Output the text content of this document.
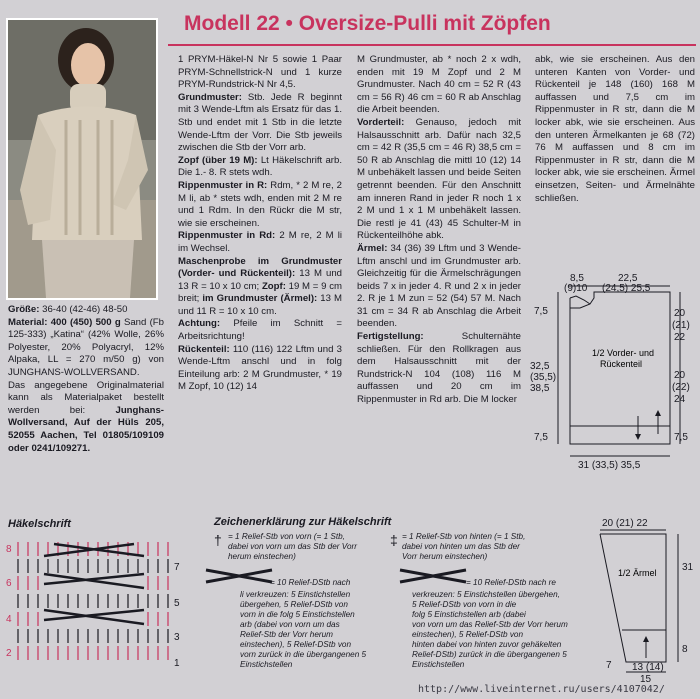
Modell 22 • Oversize-Pulli mit Zöpfen

Größe: 36-40 (42-46) 48-50

Material: 400 (450) 500 g Sand (Fb 125-333) „Katina“ (42% Wolle, 26% Polyester, 20% Polyacryl, 12% Alpaka, LL = 270 m/50 g) von JUNGHANS-WOLLVERSAND.

Das angegebene Originalmaterial kann als Materialpaket bestellt werden bei: Junghans-Wollversand, Auf der Hüls 205, 52055 Aachen, Tel 01805/109109 oder 0241/109271.

1 PRYM-Häkel-N Nr 5 sowie 1 Paar PRYM-Schnellstrick-N und 1 kurze PRYM-Rundstrick-N Nr 4,5.

Grundmuster: Stb. Jede R beginnt mit 3 Wende-Lftm als Ersatz für das 1. Stb und endet mit 1 Stb in die letzte Wende-Lftm der Vorr. Die Stb jeweils zwischen die Stb der Vorr arb.

Zopf (über 19 M): Lt Häkelschrift arb. Die 1.- 8. R stets wdh.

Rippenmuster in R: Rdm, * 2 M re, 2 M li, ab * stets wdh, enden mit 2 M re und 1 Rdm. In den Rückr die M str, wie sie erscheinen.

Rippenmuster in Rd: 2 M re, 2 M li im Wechsel.

Maschenprobe im Grundmuster (Vorder- und Rückenteil): 13 M und 13 R = 10 x 10 cm; Zopf: 19 M = 9 cm breit; im Grundmuster (Ärmel): 13 M und 11 R = 10 x 10 cm.

Achtung: Pfeile im Schnitt = Arbeitsrichtung!

Rückenteil: 110 (116) 122 Lftm und 3 Wende-Lftm anschl und in folg Einteilung arb: 2 M Grundmuster, * 19 M Zopf, 10 (12) 14

M Grundmuster, ab * noch 2 x wdh, enden mit 19 M Zopf und 2 M Grundmuster. Nach 40 cm = 52 R (43 cm = 56 R) 46 cm = 60 R ab Anschlag die Arbeit beenden.

Vorderteil: Genauso, jedoch mit Halsausschnitt arb. Dafür nach 32,5 cm = 42 R (35,5 cm = 46 R) 38,5 cm = 50 R ab Anschlag die mittl 10 (12) 14 M unbehäkelt lassen und beide Seiten getrennt beenden. Für den Anschnitt am inneren Rand in jeder R noch 1 x 2 M und 1 x 1 M unbehäkelt lassen. Die restl je 41 (43) 45 Schulter-M in Rückenteilhöhe abk.

Ärmel: 34 (36) 39 Lftm und 3 Wende-Lftm anschl und im Grundmuster arb. Gleichzeitig für die Ärmelschrägungen beids 7 x in jeder 4. R und 2 x in jeder 2. R je 1 M zun = 52 (54) 57 M. Nach 31 cm = 34 R ab Anschlag die Arbeit beenden.

Fertigstellung: Schulternähte schließen. Für den Rollkragen aus dem Halsausschnitt mit der Rundstrick-N 104 (108) 116 M auffassen und 20 cm im Rippenmuster in Rd arb. Die M locker

abk, wie sie erscheinen. Aus den unteren Kanten von Vorder- und Rückenteil je 148 (160) 168 M auffassen und 7,5 cm im Rippenmuster in R str, dann die M locker abk, wie sie erscheinen. Aus den unteren Ärmelkanten je 68 (72) 76 M auffassen und 8 cm im Rippenmuster in R str, dann die M locker abk, wie sie erscheinen. Ärmel einsetzen, Seiten- und Ärmelnähte schließen.

8,5
(9)10
22,5
(24,5) 25,5
7,5
32,5
(35,5)
38,5
7,5
20
(21)
22
20
(22)
24
7,5
31 (33,5) 35,5
1/2 Vorder- und
Rückenteil
20 (21) 22
31
1/2 Ärmel
7 13 (14)
15
8
Häkelschrift
8
6
4
2
7
5
3
1
Zeichenerklärung zur Häkelschrift
= 1 Relief-Stb von vorn (= 1 Stb,
dabei von vorn um das Stb der Vorr
herum einstechen)
†	= 1 Relief-Stb von hinten (= 1 Stb,
dabei von hinten um das Stb der
Vorr herum einstechen)
‡
= 10 Relief-DStb nach
li verkreuzen: 5 Einstichstellen
übergehen, 5 Relief-DStb von
vorn in die folg 5 Einstichstellen
arb (dabei von vorn um das
Relief-Stb der Vorr herum
einstechen), 5 Relief-DStb von
vorn zurück in die übergangenen 5
Einstichstellen
= 10 Relief-DStb nach re
verkreuzen: 5 Einstichstellen übergehen,
5 Relief-DStb von vorn in die
folg 5 Einstichstellen arb (dabei
von vorn um das Relief-Stb der Vorr herum
einstechen), 5 Relief-DStb von
hinten dabei von hinten zuvor gehäkelten
Relief-DStb) zurück in die übergangenen 5
Einstichstellen
http://www.liveinternet.ru/users/4107042/
